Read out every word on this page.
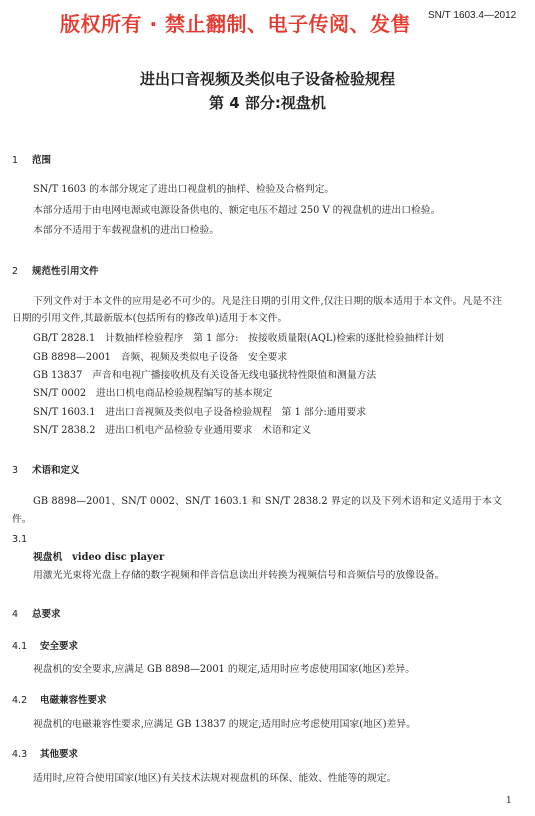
版权所有 · 禁止翻制、电子传阅、发售 SN/T 1603.4—2012
进出口音视频及类似电子设备检验规程
第 4 部分:视盘机
1 范围
SN/T 1603 的本部分规定了进出口视盘机的抽样、检验及合格判定。
本部分适用于由电网电源或电源设备供电的、额定电压不超过 250 V 的视盘机的进出口检验。
本部分不适用于车载视盘机的进出口检验。
2 规范性引用文件
下列文件对于本文件的应用是必不可少的。凡是注日期的引用文件,仅注日期的版本适用于本文件。凡是不注日期的引用文件,其最新版本(包括所有的修改单)适用于本文件。
GB/T 2828.1　计数抽样检验程序　第 1 部分:　按接收质量限(AQL)检索的逐批检验抽样计划
GB 8898—2001　音频、视频及类似电子设备　安全要求
GB 13837　声音和电视广播接收机及有关设备无线电骚扰特性限值和测量方法
SN/T 0002　进出口机电商品检验规程编写的基本规定
SN/T 1603.1　进出口音视频及类似电子设备检验规程　第 1 部分:通用要求
SN/T 2838.2　进出口机电产品检验专业通用要求　术语和定义
3 术语和定义
GB 8898—2001、SN/T 0002、SN/T 1603.1 和 SN/T 2838.2 界定的以及下列术语和定义适用于本文件。
3.1
视盘机　video disc player
用激光光束将光盘上存储的数字视频和伴音信息读出并转换为视频信号和音频信号的放像设备。
4 总要求
4.1 安全要求
视盘机的安全要求,应满足 GB 8898—2001 的规定,适用时应考虑使用国家(地区)差异。
4.2 电磁兼容性要求
视盘机的电磁兼容性要求,应满足 GB 13837 的规定,适用时应考虑使用国家(地区)差异。
4.3 其他要求
适用时,应符合使用国家(地区)有关技术法规对视盘机的环保、能效、性能等的规定。
1
